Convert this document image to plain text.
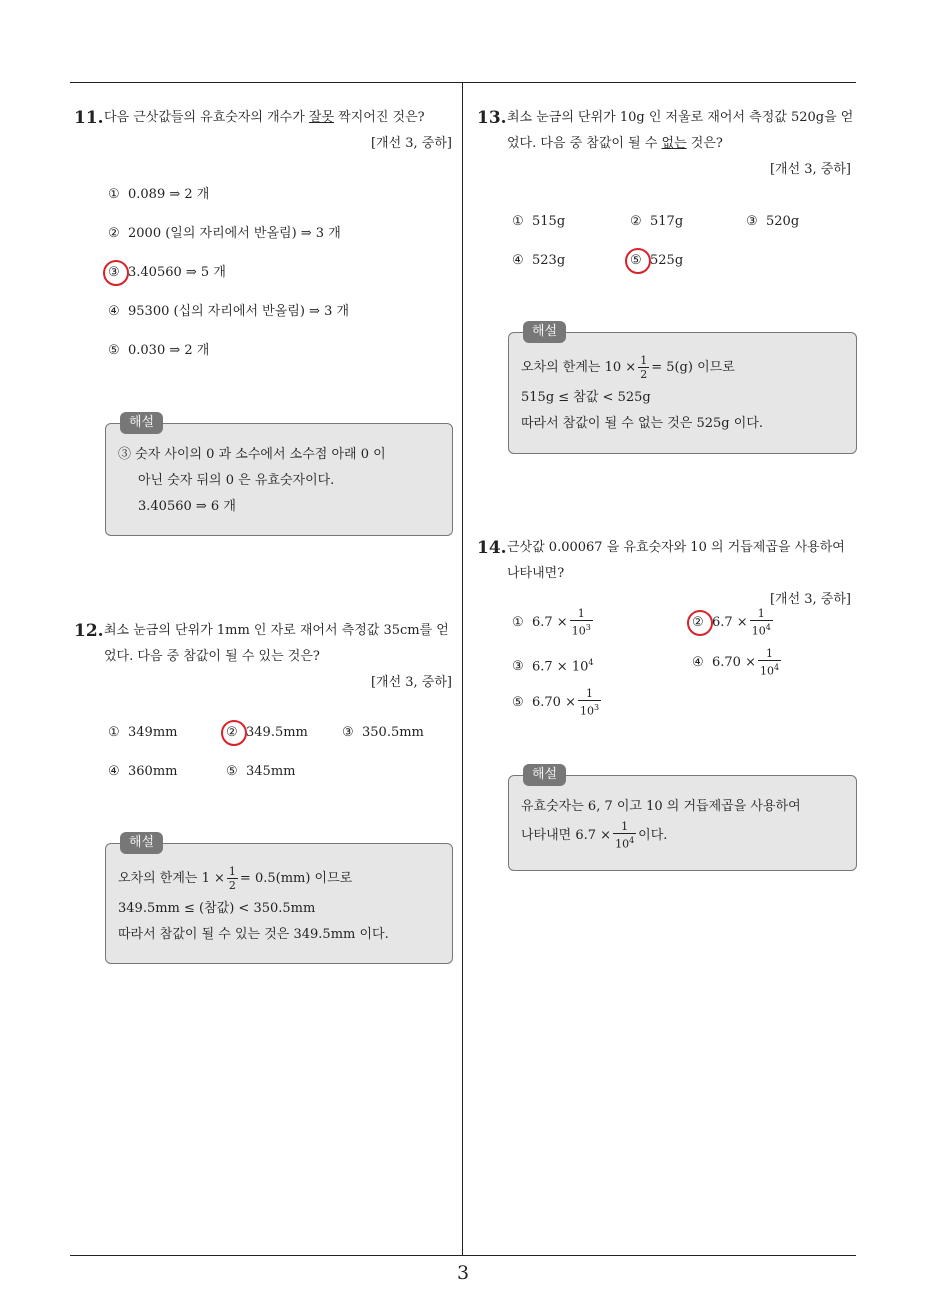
3
11. 다음 근삿값들의 유효숫자의 개수가 잘못 짝지어진 것은?
[개선 3, 중하]
① 0.089 ⇒ 2 개
② 2000 (일의 자리에서 반올림) ⇒ 3 개
③ 3.40560 ⇒ 5 개
④ 95300 (십의 자리에서 반올림) ⇒ 3 개
⑤ 0.030 ⇒ 2 개
해설
③ 숫자 사이의 0 과 소수에서 소수점 아래 0 이
아닌 숫자 뒤의 0 은 유효숫자이다.
3.40560 ⇒ 6 개
12. 최소 눈금의 단위가 1mm 인 자로 재어서 측정값 35cm를 얻었다. 다음 중 참값이 될 수 있는 것은?
[개선 3, 중하]
① 349mm	② 349.5mm	③ 350.5mm
④ 360mm	⑤ 345mm
해설
오차의 한계는 $1 \times \frac{1}{2} = 0.5(mm)$ 이므로
349.5mm ≤ (참값) < 350.5mm
따라서 참값이 될 수 있는 것은 349.5mm 이다.
13. 최소 눈금의 단위가 10g 인 저울로 재어서 측정값 520g을 얻었다. 다음 중 참값이 될 수 없는 것은?
[개선 3, 중하]
① 515g	② 517g	③ 520g
④ 523g	⑤ 525g
해설
오차의 한계는 $10 \times \frac{1}{2} = 5(g)$ 이므로
515g ≤ 참값 < 525g
따라서 참값이 될 수 없는 것은 525g 이다.
14. 근삿값 0.00067 을 유효숫자와 10 의 거듭제곱을 사용하여 나타내면?
[개선 3, 중하]
① $6.7 \times \frac{1}{10^3}$	② $6.7 \times \frac{1}{10^4}$
③ $6.7 \times 10^4$	④ $6.70 \times \frac{1}{10^4}$
⑤ $6.70 \times \frac{1}{10^3}$
해설
유효숫자는 6, 7 이고 10 의 거듭제곱을 사용하여
나타내면 $6.7 \times \frac{1}{10^4}$ 이다.
